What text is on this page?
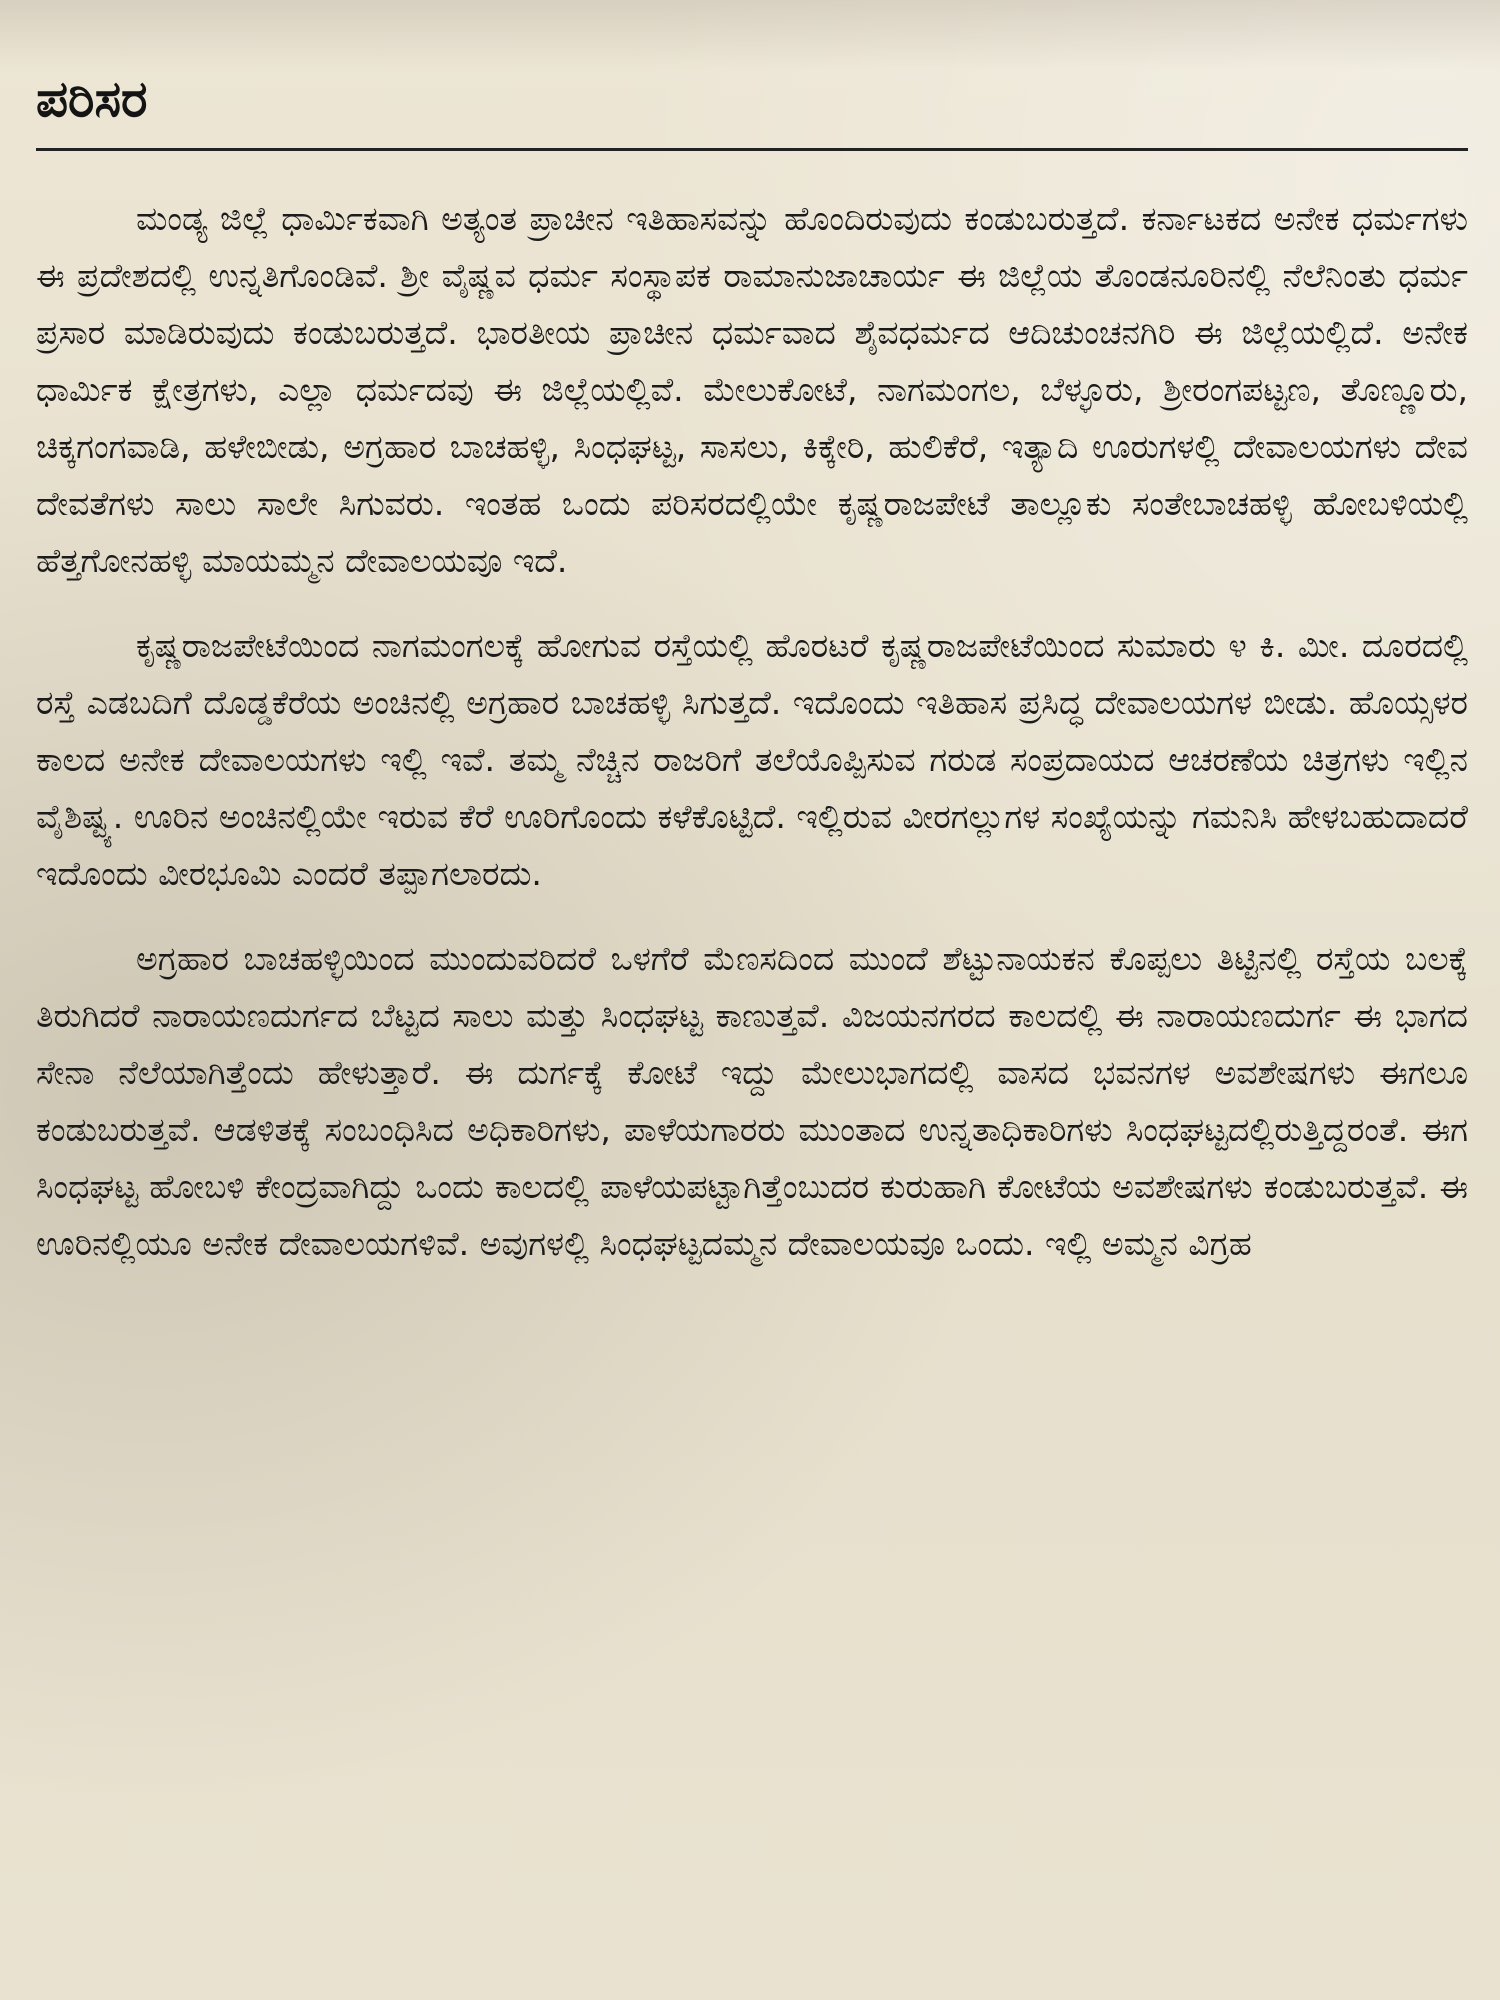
ಪರಿಸರ

ಮಂಡ್ಯ ಜಿಲ್ಲೆ ಧಾರ್ಮಿಕವಾಗಿ ಅತ್ಯಂತ ಪ್ರಾಚೀನ ಇತಿಹಾಸವನ್ನು ಹೊಂದಿರುವುದು ಕಂಡುಬರುತ್ತದೆ. ಕರ್ನಾಟಕದ ಅನೇಕ ಧರ್ಮಗಳು ಈ ಪ್ರದೇಶದಲ್ಲಿ ಉನ್ನತಿಗೊಂಡಿವೆ. ಶ್ರೀ ವೈಷ್ಣವ ಧರ್ಮ ಸಂಸ್ಥಾಪಕ ರಾಮಾನುಜಾಚಾರ್ಯ ಈ ಜಿಲ್ಲೆಯ ತೊಂಡನೂರಿನಲ್ಲಿ ನೆಲೆನಿಂತು ಧರ್ಮ ಪ್ರಸಾರ ಮಾಡಿರುವುದು ಕಂಡುಬರುತ್ತದೆ. ಭಾರತೀಯ ಪ್ರಾಚೀನ ಧರ್ಮವಾದ ಶೈವಧರ್ಮದ ಆದಿಚುಂಚನಗಿರಿ ಈ ಜಿಲ್ಲೆಯಲ್ಲಿದೆ. ಅನೇಕ ಧಾರ್ಮಿಕ ಕ್ಷೇತ್ರಗಳು, ಎಲ್ಲಾ ಧರ್ಮದವು ಈ ಜಿಲ್ಲೆಯಲ್ಲಿವೆ. ಮೇಲುಕೋಟೆ, ನಾಗಮಂಗಲ, ಬೆಳ್ಳೂರು, ಶ್ರೀರಂಗಪಟ್ಟಣ, ತೊಣ್ಣೂರು, ಚಿಕ್ಕಗಂಗವಾಡಿ, ಹಳೇಬೀಡು, ಅಗ್ರಹಾರ ಬಾಚಹಳ್ಳಿ, ಸಿಂಧಘಟ್ಟ, ಸಾಸಲು, ಕಿಕ್ಕೇರಿ, ಹುಲಿಕೆರೆ, ಇತ್ಯಾದಿ ಊರುಗಳಲ್ಲಿ ದೇವಾಲಯಗಳು ದೇವ ದೇವತೆಗಳು ಸಾಲು ಸಾಲೇ ಸಿಗುವರು. ಇಂತಹ ಒಂದು ಪರಿಸರದಲ್ಲಿಯೇ ಕೃಷ್ಣರಾಜಪೇಟೆ ತಾಲ್ಲೂಕು ಸಂತೇಬಾಚಹಳ್ಳಿ ಹೋಬಳಿಯಲ್ಲಿ ಹೆತ್ತಗೋನಹಳ್ಳಿ ಮಾಯಮ್ಮನ ದೇವಾಲಯವೂ ಇದೆ.

ಕೃಷ್ಣರಾಜಪೇಟೆಯಿಂದ ನಾಗಮಂಗಲಕ್ಕೆ ಹೋಗುವ ರಸ್ತೆಯಲ್ಲಿ ಹೊರಟರೆ ಕೃಷ್ಣರಾಜಪೇಟೆಯಿಂದ ಸುಮಾರು ೪ ಕಿ. ಮೀ. ದೂರದಲ್ಲಿ ರಸ್ತೆ ಎಡಬದಿಗೆ ದೊಡ್ಡಕೆರೆಯ ಅಂಚಿನಲ್ಲಿ ಅಗ್ರಹಾರ ಬಾಚಹಳ್ಳಿ ಸಿಗುತ್ತದೆ. ಇದೊಂದು ಇತಿಹಾಸ ಪ್ರಸಿದ್ಧ ದೇವಾಲಯಗಳ ಬೀಡು. ಹೊಯ್ಸಳರ ಕಾಲದ ಅನೇಕ ದೇವಾಲಯಗಳು ಇಲ್ಲಿ ಇವೆ. ತಮ್ಮ ನೆಚ್ಚಿನ ರಾಜರಿಗೆ ತಲೆಯೊಪ್ಪಿಸುವ ಗರುಡ ಸಂಪ್ರದಾಯದ ಆಚರಣೆಯ ಚಿತ್ರಗಳು ಇಲ್ಲಿನ ವೈಶಿಷ್ಟ್ಯ. ಊರಿನ ಅಂಚಿನಲ್ಲಿಯೇ ಇರುವ ಕೆರೆ ಊರಿಗೊಂದು ಕಳೆಕೊಟ್ಟಿದೆ. ಇಲ್ಲಿರುವ ವೀರಗಲ್ಲುಗಳ ಸಂಖ್ಯೆಯನ್ನು ಗಮನಿಸಿ ಹೇಳಬಹುದಾದರೆ ಇದೊಂದು ವೀರಭೂಮಿ ಎಂದರೆ ತಪ್ಪಾಗಲಾರದು.

ಅಗ್ರಹಾರ ಬಾಚಹಳ್ಳಿಯಿಂದ ಮುಂದುವರಿದರೆ ಒಳಗೆರೆ ಮೆಣಸದಿಂದ ಮುಂದೆ ಶೆಟ್ಟುನಾಯಕನ ಕೊಪ್ಪಲು ತಿಟ್ಟಿನಲ್ಲಿ ರಸ್ತೆಯ ಬಲಕ್ಕೆ ತಿರುಗಿದರೆ ನಾರಾಯಣದುರ್ಗದ ಬೆಟ್ಟದ ಸಾಲು ಮತ್ತು ಸಿಂಧಘಟ್ಟ ಕಾಣುತ್ತವೆ. ವಿಜಯನಗರದ ಕಾಲದಲ್ಲಿ ಈ ನಾರಾಯಣದುರ್ಗ ಈ ಭಾಗದ ಸೇನಾ ನೆಲೆಯಾಗಿತ್ತೆಂದು ಹೇಳುತ್ತಾರೆ. ಈ ದುರ್ಗಕ್ಕೆ ಕೋಟೆ ಇದ್ದು ಮೇಲುಭಾಗದಲ್ಲಿ ವಾಸದ ಭವನಗಳ ಅವಶೇಷಗಳು ಈಗಲೂ ಕಂಡುಬರುತ್ತವೆ. ಆಡಳಿತಕ್ಕೆ ಸಂಬಂಧಿಸಿದ ಅಧಿಕಾರಿಗಳು, ಪಾಳೆಯಗಾರರು ಮುಂತಾದ ಉನ್ನತಾಧಿಕಾರಿಗಳು ಸಿಂಧಘಟ್ಟದಲ್ಲಿರುತ್ತಿದ್ದರಂತೆ. ಈಗ ಸಿಂಧಘಟ್ಟ ಹೋಬಳಿ ಕೇಂದ್ರವಾಗಿದ್ದು ಒಂದು ಕಾಲದಲ್ಲಿ ಪಾಳೆಯಪಟ್ಟಾಗಿತ್ತೆಂಬುದರ ಕುರುಹಾಗಿ ಕೋಟೆಯ ಅವಶೇಷಗಳು ಕಂಡುಬರುತ್ತವೆ. ಈ ಊರಿನಲ್ಲಿಯೂ ಅನೇಕ ದೇವಾಲಯಗಳಿವೆ. ಅವುಗಳಲ್ಲಿ ಸಿಂಧಘಟ್ಟದಮ್ಮನ ದೇವಾಲಯವೂ ಒಂದು. ಇಲ್ಲಿ ಅಮ್ಮನ ವಿಗ್ರಹ
